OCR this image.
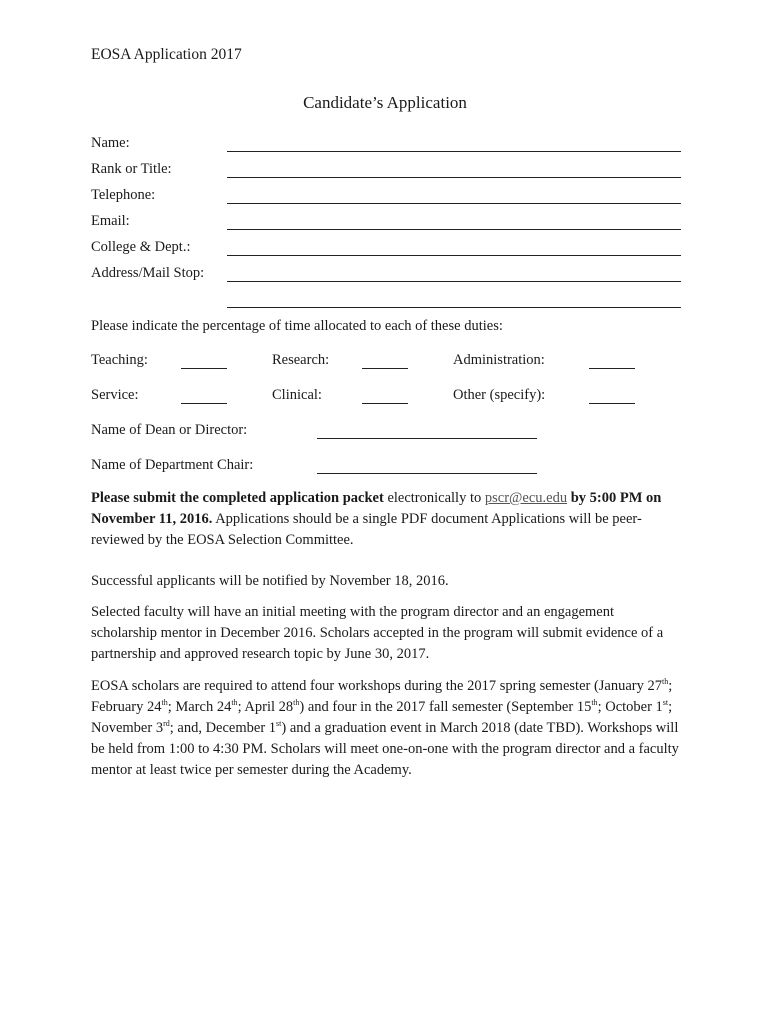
EOSA Application 2017
Candidate’s Application
Name:
Rank or Title:
Telephone:
Email:
College & Dept.:
Address/Mail Stop:
Please indicate the percentage of time allocated to each of these duties:
Teaching:	Research:	Administration:
Service:	Clinical:	Other (specify):
Name of Dean or Director:
Name of Department Chair:
Please submit the completed application packet electronically to pscr@ecu.edu by 5:00 PM on November 11, 2016. Applications should be a single PDF document Applications will be peer-reviewed by the EOSA Selection Committee.
Successful applicants will be notified by November 18, 2016.
Selected faculty will have an initial meeting with the program director and an engagement scholarship mentor in December 2016. Scholars accepted in the program will submit evidence of a partnership and approved research topic by June 30, 2017.
EOSA scholars are required to attend four workshops during the 2017 spring semester (January 27th; February 24th; March 24th; April 28th) and four in the 2017 fall semester (September 15th; October 1st; November 3rd; and, December 1st) and a graduation event in March 2018 (date TBD). Workshops will be held from 1:00 to 4:30 PM. Scholars will meet one-on-one with the program director and a faculty mentor at least twice per semester during the Academy.
